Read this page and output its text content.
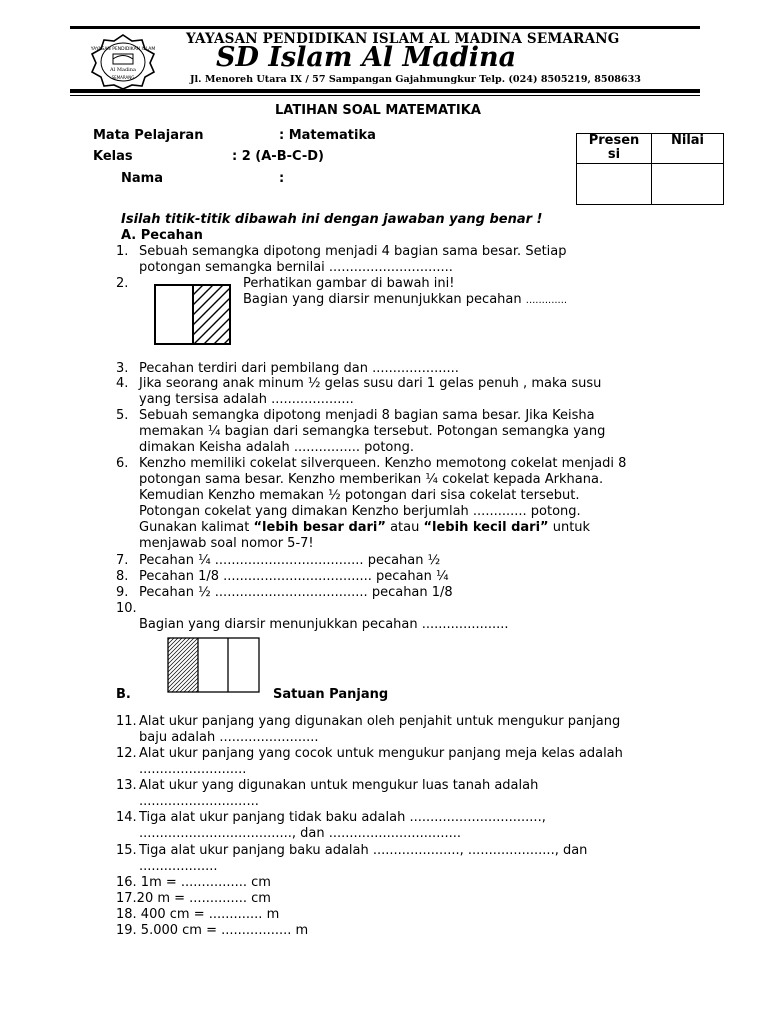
YAYASAN PENDIDIKAN ISLAM
Al Madina
SEMARANG
YAYASAN PENDIDIKAN ISLAM AL MADINA SEMARANG
SD Islam Al Madina
Jl. Menoreh Utara IX / 57 Sampangan Gajahmungkur Telp. (024) 8505219, 8508633
LATIHAN SOAL MATEMATIKA
Mata Pelajaran	: Matematika
Kelas	: 2 (A-B-C-D)
Nama	:
Presen
si
Nilai
Isilah titik-titik dibawah ini dengan jawaban yang benar !
A. Pecahan
1. Sebuah semangka dipotong menjadi 4 bagian sama besar. Setiap
potongan semangka bernilai ..............................
2.	Perhatikan gambar di bawah ini!
Bagian yang diarsir menunjukkan pecahan .............
3. Pecahan terdiri dari pembilang dan .....................
4. Jika seorang anak minum ½ gelas susu dari 1 gelas penuh , maka susu
yang tersisa adalah ....................
5. Sebuah semangka dipotong menjadi 8 bagian sama besar. Jika Keisha
memakan ¼ bagian dari semangka tersebut. Potongan semangka yang
dimakan Keisha adalah ................ potong.
6. Kenzho memiliki cokelat silverqueen. Kenzho memotong cokelat menjadi 8
potongan sama besar. Kenzho memberikan ¼ cokelat kepada Arkhana.
Kemudian Kenzho memakan ½ potongan dari sisa cokelat tersebut.
Potongan cokelat yang dimakan Kenzho berjumlah ............. potong.
Gunakan kalimat “lebih besar dari” atau “lebih kecil dari” untuk
menjawab soal nomor 5-7!
7. Pecahan ¼ .................................... pecahan ½
8. Pecahan 1/8 .................................... pecahan ¼
9. Pecahan ½ ..................................... pecahan 1/8
10.
Bagian yang diarsir menunjukkan pecahan .....................
B.	Satuan Panjang
11. Alat ukur panjang yang digunakan oleh penjahit untuk mengukur panjang
baju adalah ........................
12. Alat ukur panjang yang cocok untuk mengukur panjang meja kelas adalah
..........................
13. Alat ukur yang digunakan untuk mengukur luas tanah adalah
.............................
14. Tiga alat ukur panjang tidak baku adalah ................................,
....................................., dan ................................
15. Tiga alat ukur panjang baku adalah ....................., ....................., dan
...................
16. 1m = ................ cm
17.20 m = .............. cm
18. 400 cm = ............. m
19. 5.000 cm = ................. m
